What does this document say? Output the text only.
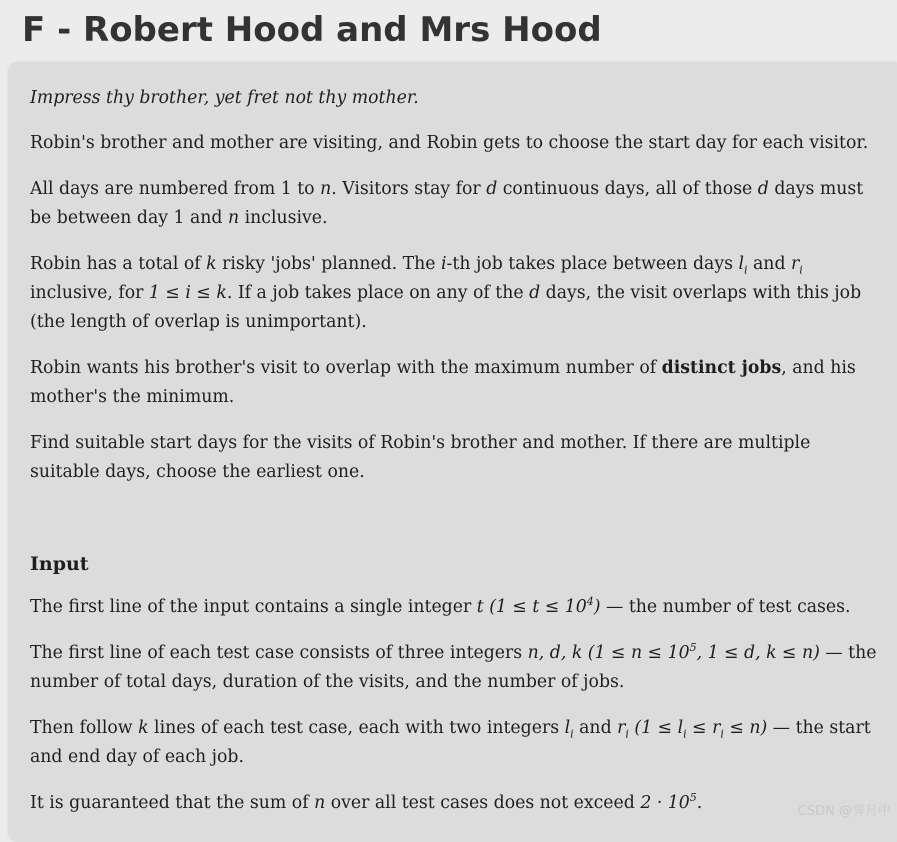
F - Robert Hood and Mrs Hood

Impress thy brother, yet fret not thy mother.

Robin's brother and mother are visiting, and Robin gets to choose the start day for each visitor.

All days are numbered from 1 to n. Visitors stay for d continuous days, all of those d days must be between day 1 and n inclusive.

Robin has a total of k risky 'jobs' planned. The i-th job takes place between days $l_i$ and $r_i$ inclusive, for 1 ≤ i ≤ k. If a job takes place on any of the d days, the visit overlaps with this job (the length of overlap is unimportant).

Robin wants his brother's visit to overlap with the maximum number of distinct jobs, and his mother's the minimum.

Find suitable start days for the visits of Robin's brother and mother. If there are multiple suitable days, choose the earliest one.

Input

The first line of the input contains a single integer t $(1 \le t \le 10^4)$ — the number of test cases.

The first line of each test case consists of three integers n, d, k ($1 \le n \le 10^5$, 1 ≤ d, k ≤ n) — the number of total days, duration of the visits, and the number of jobs.

Then follow k lines of each test case, each with two integers $l_i$ and $r_i$ $(1 \le l_i \le r_i \le n)$ — the start and end day of each job.

It is guaranteed that the sum of n over all test cases does not exceed $2 \cdot 10^5$.	CSDN @霁月中
